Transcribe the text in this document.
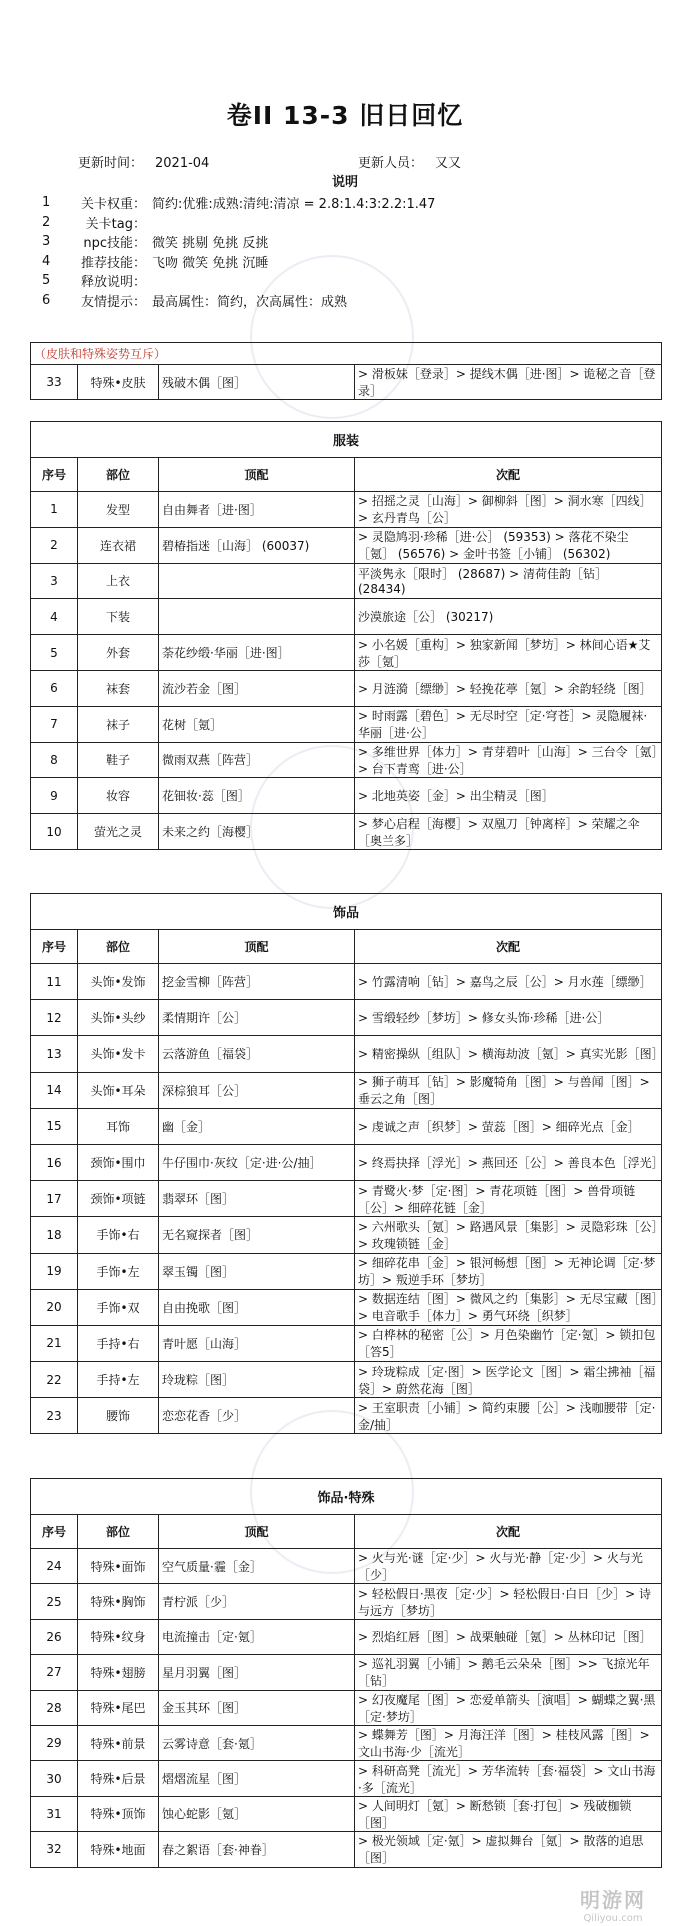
卷II 13-3 旧日回忆
更新时间： 2021-04	更新人员： 又又
说明
1	关卡权重： 简约:优雅:成熟:清纯:清凉 = 2.8:1.4:3:2.2:1.47
2	关卡tag：
3	npc技能： 微笑 挑剔 免挑 反挑
4	推荐技能： 飞吻 微笑 免挑 沉睡
5	释放说明：
6	友情提示： 最高属性：简约，次高属性：成熟
（皮肤和特殊姿势互斥）
33	特殊•皮肤	残破木偶［图］	> 滑板妹［登录］> 提线木偶［进·图］> 诡秘之音［登录］
服装			
序号	部位	顶配	次配
1	发型	自由舞者［进·图］	> 招摇之灵［山海］> 御柳斜［图］> 洞水寒［四线］> 玄丹青鸟［公］
2	连衣裙	碧椿指迷［山海］ (60037)	> 灵隐鸠羽·珍稀［进·公］ (59353) > 落花不染尘［氪］ (56576) > 金叶书签［小铺］ (56302)
3	上衣		平淡隽永［限时］ (28687) > 清荷佳韵［钻］ (28434)
4	下装		沙漠旅途［公］ (30217)
5	外套	荼花纱缎·华丽［进·图］	> 小名媛［重构］> 独家新闻［梦坊］> 林间心语★艾莎［氪］
6	袜套	流沙若金［图］	> 月涟漪［缥缈］> 轻挽花葶［氪］> 余韵轻绕［图］
7	袜子	花树［氪］	> 时雨露［碧色］> 无尽时空［定·穹苍］> 灵隐履袜·华丽［进·公］
8	鞋子	微雨双燕［阵营］	> 多维世界［体力］> 青芽碧叶［山海］> 三台令［氪］> 台下青鸾［进·公］
9	妆容	花钿妆·蕊［图］	> 北地英姿［金］> 出尘精灵［图］
10	萤光之灵	未来之约［海樱］	> 梦心启程［海樱］> 双凰刀［钟离梓］> 荣耀之伞［奥兰多］
饰品			
序号	部位	顶配	次配
11	头饰•发饰	挖金雪柳［阵营］	> 竹露清响［钻］> 嘉鸟之辰［公］> 月水莲［缥缈］
12	头饰•头纱	柔情期许［公］	> 雪缎轻纱［梦坊］> 修女头饰·珍稀［进·公］
13	头饰•发卡	云落游鱼［福袋］	> 精密操纵［组队］> 横海劫波［氪］> 真实光影［图］
14	头饰•耳朵	深棕狼耳［公］	> 狮子萌耳［钻］> 影魔犄角［图］> 与兽闻［图］> 垂云之角［图］
15	耳饰	幽［金］	> 虔诚之声［织梦］> 萤蕊［图］> 细碎光点［金］
16	颈饰•围巾	牛仔围巾·灰纹［定·进·公/抽］	> 终焉抉择［浮光］> 燕回还［公］> 善良本色［浮光］
17	颈饰•项链	翡翠环［图］	> 青鹭火·梦［定·图］> 青花项链［图］> 兽骨项链［公］> 细碎花链［金］
18	手饰•右	无名窥探者［图］	> 六州歌头［氪］> 路遇风景［集影］> 灵隐彩珠［公］> 玫瑰锁链［金］
19	手饰•左	翠玉镯［图］	> 细碎花串［金］> 银河畅想［图］> 无神论调［定·梦坊］> 叛逆手环［梦坊］
20	手饰•双	自由挽歌［图］	> 数据连结［图］> 微风之约［集影］> 无尽宝藏［图］> 电音歌手［体力］> 勇气环绕［织梦］
21	手持•右	青叶愿［山海］	> 白桦林的秘密［公］> 月色染幽竹［定·氪］> 锁扣包［答5］
22	手持•左	玲珑粽［图］	> 玲珑粽成［定·图］> 医学论文［图］> 霜尘拂袖［福袋］> 蔚然花海［图］
23	腰饰	恋恋花香［少］	> 王室职责［小铺］> 简约束腰［公］> 浅咖腰带［定·金/抽］
饰品·特殊			
序号	部位	顶配	次配
24	特殊•面饰	空气质量·霾［金］	> 火与光·谜［定·少］> 火与光·静［定·少］> 火与光［少］
25	特殊•胸饰	青柠派［少］	> 轻松假日·黑夜［定·少］> 轻松假日·白日［少］> 诗与远方［梦坊］
26	特殊•纹身	电流撞击［定·氪］	> 烈焰红唇［图］> 战栗触碰［氪］> 丛林印记［图］
27	特殊•翅膀	星月羽翼［图］	> 巡礼羽翼［小铺］> 鹅毛云朵朵［图］>> 飞掠光年［钻］
28	特殊•尾巴	金玉其环［图］	> 幻夜魔尾［图］> 恋爱单箭头［演唱］> 蝴蝶之翼·黑［定·梦坊］
29	特殊•前景	云雾诗意［套·氪］	> 蝶舞芳［图］> 月海汪洋［图］> 桂枝风露［图］> 文山书海·少［流光］
30	特殊•后景	熠熠流星［图］	> 科研高凳［流光］> 芳华流转［套·福袋］> 文山书海·多［流光］
31	特殊•顶饰	蚀心蛇影［氪］	> 人间明灯［氪］> 断愁锁［套·打包］> 残破枷锁［图］
32	特殊•地面	春之絮语［套·神眷］	> 极光领域［定·氪］> 虚拟舞台［氪］> 散落的追思［图］
明游网
Qiliyou.com
